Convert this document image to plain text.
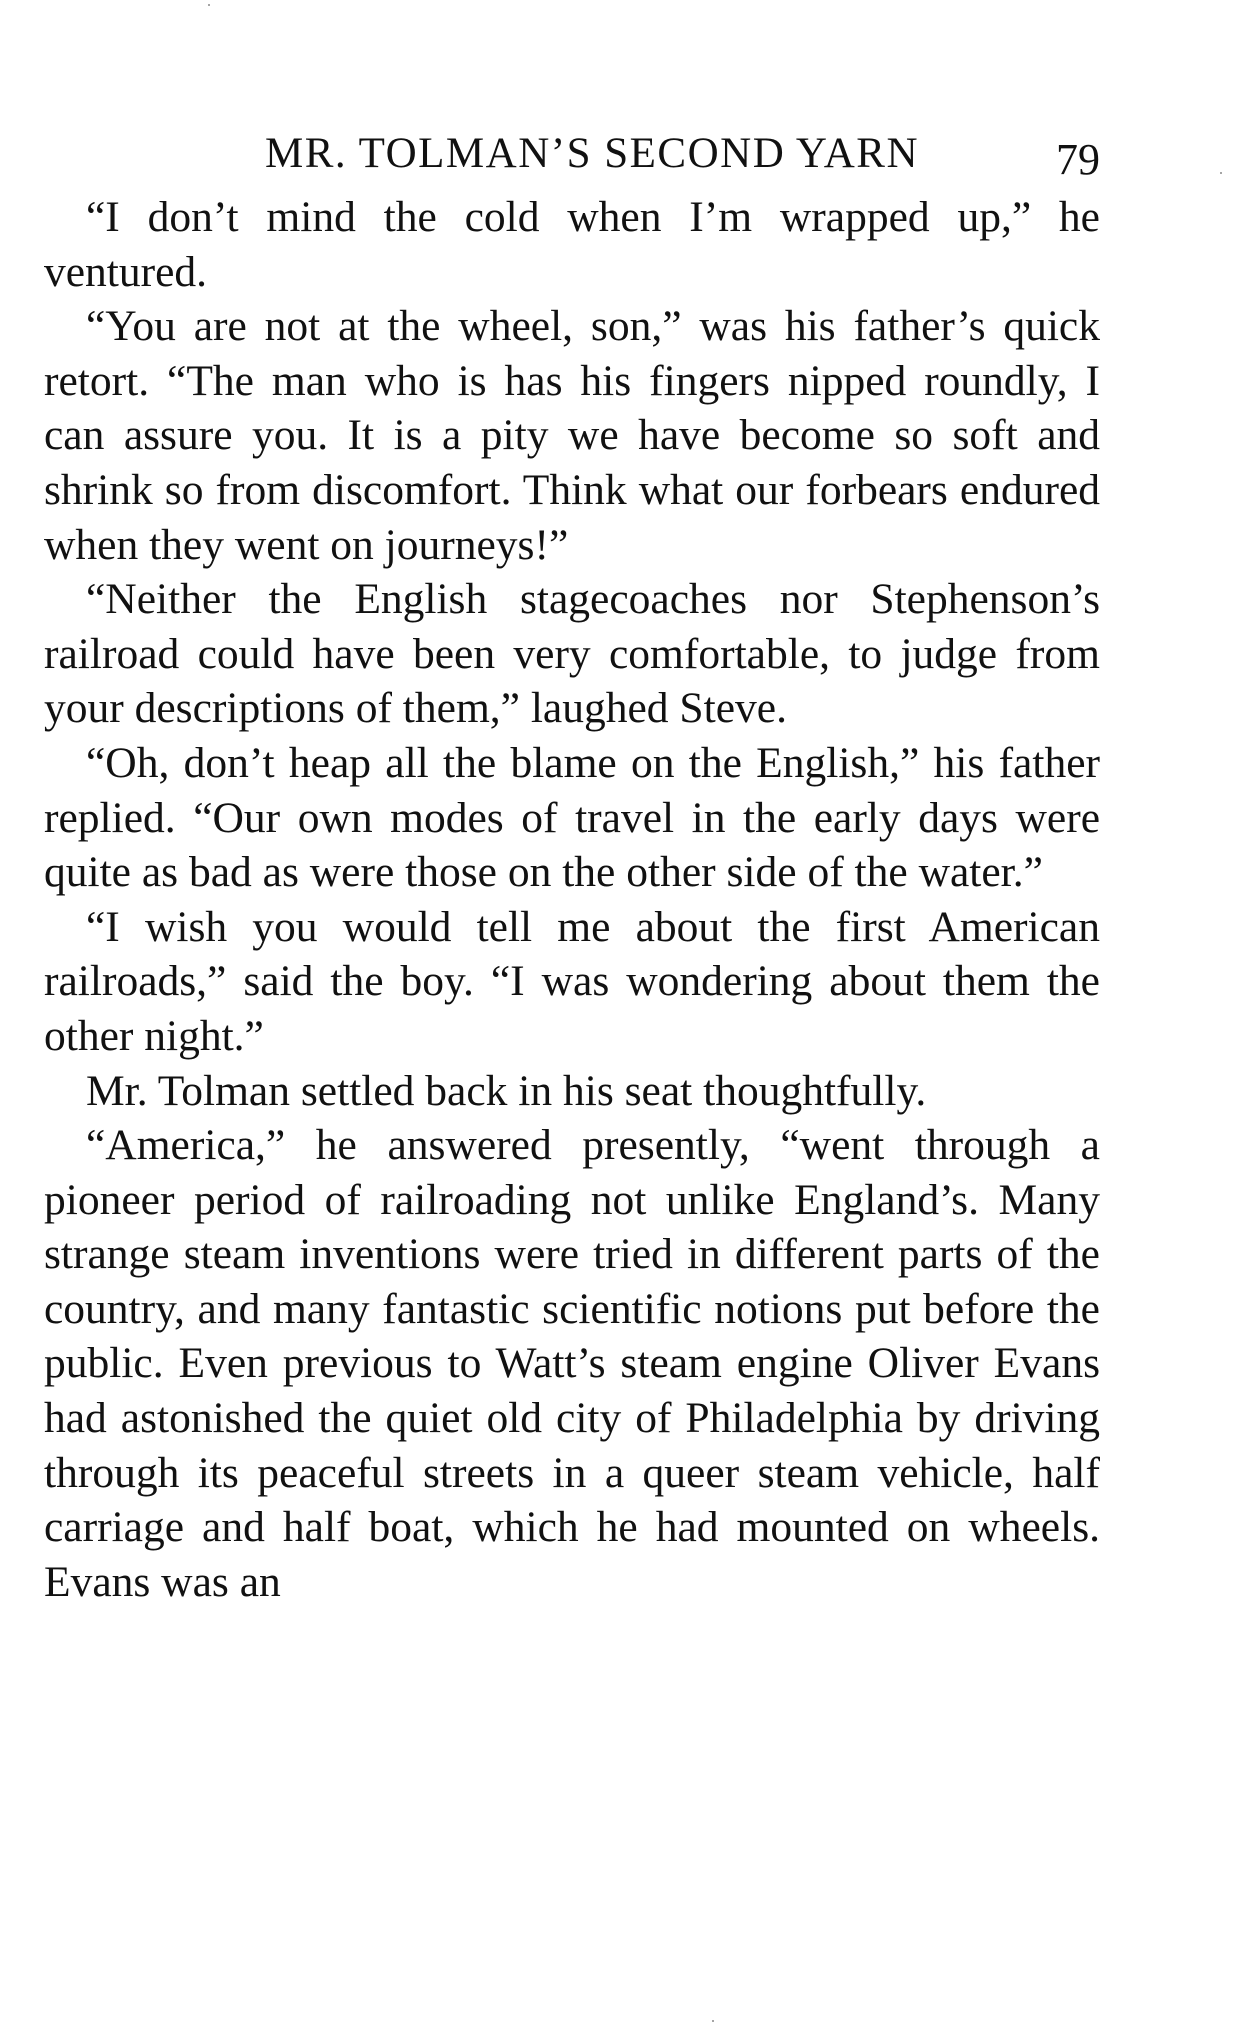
MR. TOLMAN’S SECOND YARN	79

“I don’t mind the cold when I’m wrapped up,” he ventured.

“You are not at the wheel, son,” was his father’s quick retort. “The man who is has his fingers nipped roundly, I can assure you. It is a pity we have become so soft and shrink so from discomfort. Think what our forbears endured when they went on journeys!”

“Neither the English stagecoaches nor Stephenson’s railroad could have been very comfortable, to judge from your descriptions of them,” laughed Steve.

“Oh, don’t heap all the blame on the English,” his father replied. “Our own modes of travel in the early days were quite as bad as were those on the other side of the water.”

“I wish you would tell me about the first American railroads,” said the boy. “I was wondering about them the other night.”

Mr. Tolman settled back in his seat thoughtfully.

“America,” he answered presently, “went through a pioneer period of railroading not unlike England’s. Many strange steam inventions were tried in different parts of the country, and many fantastic scientific notions put before the public. Even previous to Watt’s steam engine Oliver Evans had astonished the quiet old city of Philadelphia by driving through its peaceful streets in a queer steam vehicle, half carriage and half boat, which he had mounted on wheels. Evans was an
